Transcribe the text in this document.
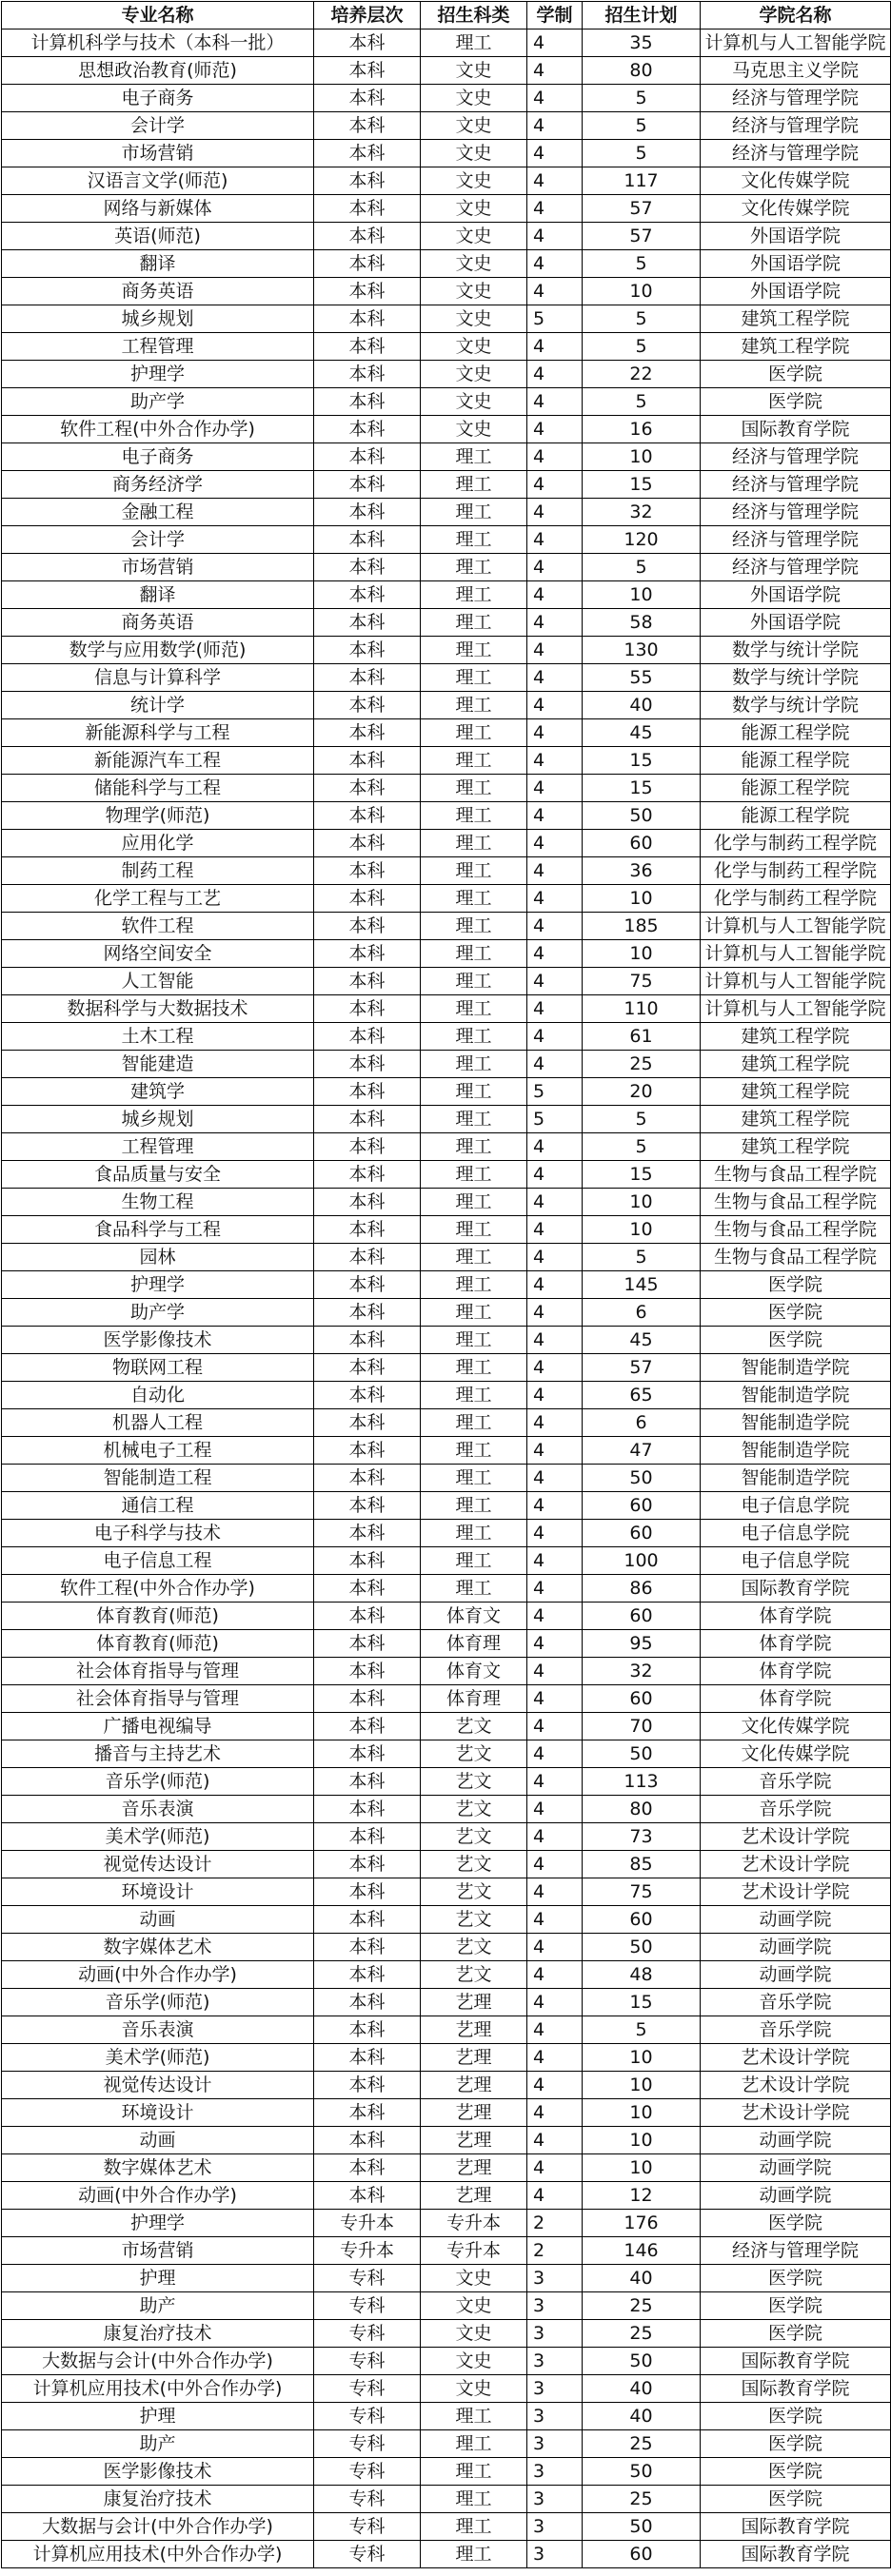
专业名称	培养层次	招生科类	学制	招生计划	学院名称
计算机科学与技术（本科一批）	本科	理工	4	35	计算机与人工智能学院
思想政治教育(师范)	本科	文史	4	80	马克思主义学院
电子商务	本科	文史	4	5	经济与管理学院
会计学	本科	文史	4	5	经济与管理学院
市场营销	本科	文史	4	5	经济与管理学院
汉语言文学(师范)	本科	文史	4	117	文化传媒学院
网络与新媒体	本科	文史	4	57	文化传媒学院
英语(师范)	本科	文史	4	57	外国语学院
翻译	本科	文史	4	5	外国语学院
商务英语	本科	文史	4	10	外国语学院
城乡规划	本科	文史	5	5	建筑工程学院
工程管理	本科	文史	4	5	建筑工程学院
护理学	本科	文史	4	22	医学院
助产学	本科	文史	4	5	医学院
软件工程(中外合作办学)	本科	文史	4	16	国际教育学院
电子商务	本科	理工	4	10	经济与管理学院
商务经济学	本科	理工	4	15	经济与管理学院
金融工程	本科	理工	4	32	经济与管理学院
会计学	本科	理工	4	120	经济与管理学院
市场营销	本科	理工	4	5	经济与管理学院
翻译	本科	理工	4	10	外国语学院
商务英语	本科	理工	4	58	外国语学院
数学与应用数学(师范)	本科	理工	4	130	数学与统计学院
信息与计算科学	本科	理工	4	55	数学与统计学院
统计学	本科	理工	4	40	数学与统计学院
新能源科学与工程	本科	理工	4	45	能源工程学院
新能源汽车工程	本科	理工	4	15	能源工程学院
储能科学与工程	本科	理工	4	15	能源工程学院
物理学(师范)	本科	理工	4	50	能源工程学院
应用化学	本科	理工	4	60	化学与制药工程学院
制药工程	本科	理工	4	36	化学与制药工程学院
化学工程与工艺	本科	理工	4	10	化学与制药工程学院
软件工程	本科	理工	4	185	计算机与人工智能学院
网络空间安全	本科	理工	4	10	计算机与人工智能学院
人工智能	本科	理工	4	75	计算机与人工智能学院
数据科学与大数据技术	本科	理工	4	110	计算机与人工智能学院
土木工程	本科	理工	4	61	建筑工程学院
智能建造	本科	理工	4	25	建筑工程学院
建筑学	本科	理工	5	20	建筑工程学院
城乡规划	本科	理工	5	5	建筑工程学院
工程管理	本科	理工	4	5	建筑工程学院
食品质量与安全	本科	理工	4	15	生物与食品工程学院
生物工程	本科	理工	4	10	生物与食品工程学院
食品科学与工程	本科	理工	4	10	生物与食品工程学院
园林	本科	理工	4	5	生物与食品工程学院
护理学	本科	理工	4	145	医学院
助产学	本科	理工	4	6	医学院
医学影像技术	本科	理工	4	45	医学院
物联网工程	本科	理工	4	57	智能制造学院
自动化	本科	理工	4	65	智能制造学院
机器人工程	本科	理工	4	6	智能制造学院
机械电子工程	本科	理工	4	47	智能制造学院
智能制造工程	本科	理工	4	50	智能制造学院
通信工程	本科	理工	4	60	电子信息学院
电子科学与技术	本科	理工	4	60	电子信息学院
电子信息工程	本科	理工	4	100	电子信息学院
软件工程(中外合作办学)	本科	理工	4	86	国际教育学院
体育教育(师范)	本科	体育文	4	60	体育学院
体育教育(师范)	本科	体育理	4	95	体育学院
社会体育指导与管理	本科	体育文	4	32	体育学院
社会体育指导与管理	本科	体育理	4	60	体育学院
广播电视编导	本科	艺文	4	70	文化传媒学院
播音与主持艺术	本科	艺文	4	50	文化传媒学院
音乐学(师范)	本科	艺文	4	113	音乐学院
音乐表演	本科	艺文	4	80	音乐学院
美术学(师范)	本科	艺文	4	73	艺术设计学院
视觉传达设计	本科	艺文	4	85	艺术设计学院
环境设计	本科	艺文	4	75	艺术设计学院
动画	本科	艺文	4	60	动画学院
数字媒体艺术	本科	艺文	4	50	动画学院
动画(中外合作办学)	本科	艺文	4	48	动画学院
音乐学(师范)	本科	艺理	4	15	音乐学院
音乐表演	本科	艺理	4	5	音乐学院
美术学(师范)	本科	艺理	4	10	艺术设计学院
视觉传达设计	本科	艺理	4	10	艺术设计学院
环境设计	本科	艺理	4	10	艺术设计学院
动画	本科	艺理	4	10	动画学院
数字媒体艺术	本科	艺理	4	10	动画学院
动画(中外合作办学)	本科	艺理	4	12	动画学院
护理学	专升本	专升本	2	176	医学院
市场营销	专升本	专升本	2	146	经济与管理学院
护理	专科	文史	3	40	医学院
助产	专科	文史	3	25	医学院
康复治疗技术	专科	文史	3	25	医学院
大数据与会计(中外合作办学)	专科	文史	3	50	国际教育学院
计算机应用技术(中外合作办学)	专科	文史	3	40	国际教育学院
护理	专科	理工	3	40	医学院
助产	专科	理工	3	25	医学院
医学影像技术	专科	理工	3	50	医学院
康复治疗技术	专科	理工	3	25	医学院
大数据与会计(中外合作办学)	专科	理工	3	50	国际教育学院
计算机应用技术(中外合作办学)	专科	理工	3	60	国际教育学院
